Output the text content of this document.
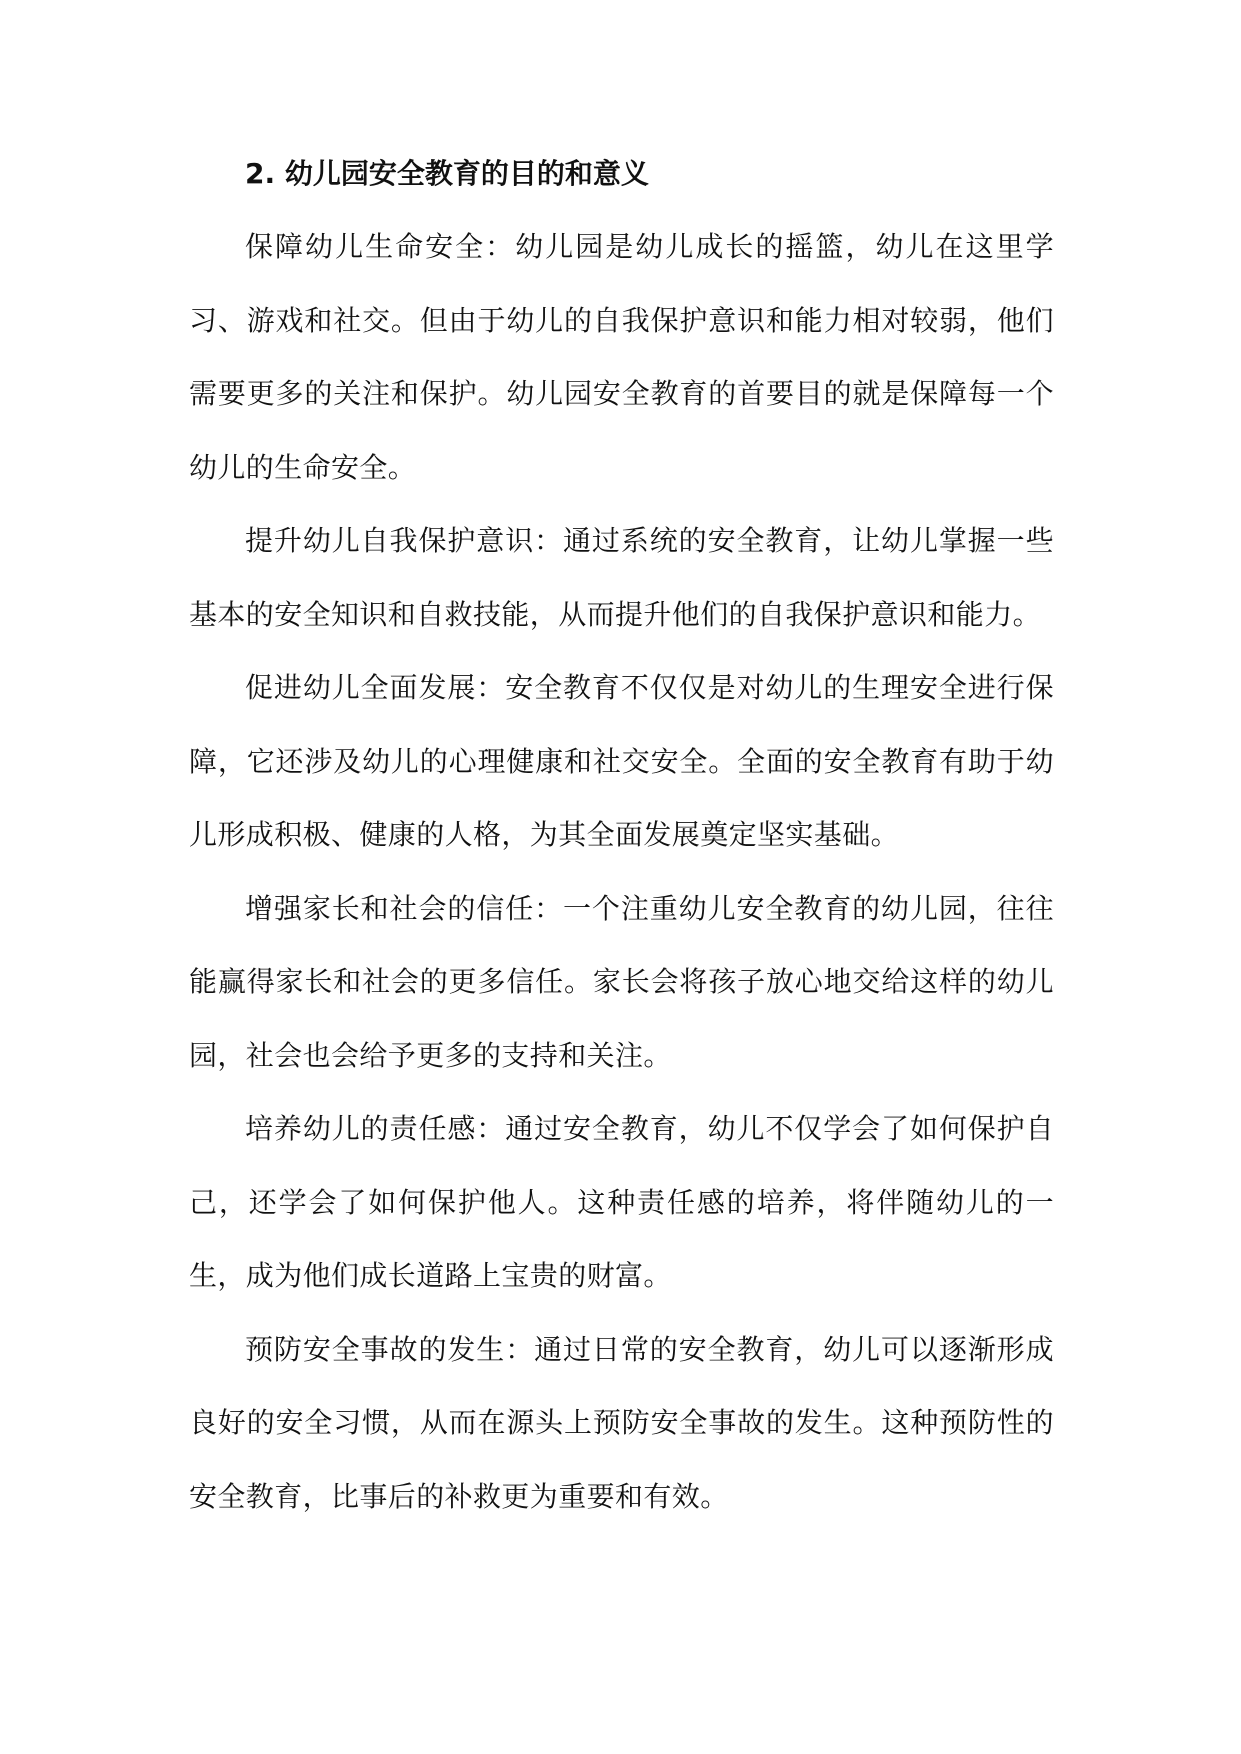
2. 幼儿园安全教育的目的和意义

保障幼儿生命安全：幼儿园是幼儿成长的摇篮，幼儿在这里学习、游戏和社交。但由于幼儿的自我保护意识和能力相对较弱，他们需要更多的关注和保护。幼儿园安全教育的首要目的就是保障每一个幼儿的生命安全。

提升幼儿自我保护意识：通过系统的安全教育，让幼儿掌握一些基本的安全知识和自救技能，从而提升他们的自我保护意识和能力。

促进幼儿全面发展：安全教育不仅仅是对幼儿的生理安全进行保障，它还涉及幼儿的心理健康和社交安全。全面的安全教育有助于幼儿形成积极、健康的人格，为其全面发展奠定坚实基础。

增强家长和社会的信任：一个注重幼儿安全教育的幼儿园，往往能赢得家长和社会的更多信任。家长会将孩子放心地交给这样的幼儿园，社会也会给予更多的支持和关注。

培养幼儿的责任感：通过安全教育，幼儿不仅学会了如何保护自己，还学会了如何保护他人。这种责任感的培养，将伴随幼儿的一生，成为他们成长道路上宝贵的财富。

预防安全事故的发生：通过日常的安全教育，幼儿可以逐渐形成良好的安全习惯，从而在源头上预防安全事故的发生。这种预防性的安全教育，比事后的补救更为重要和有效。
